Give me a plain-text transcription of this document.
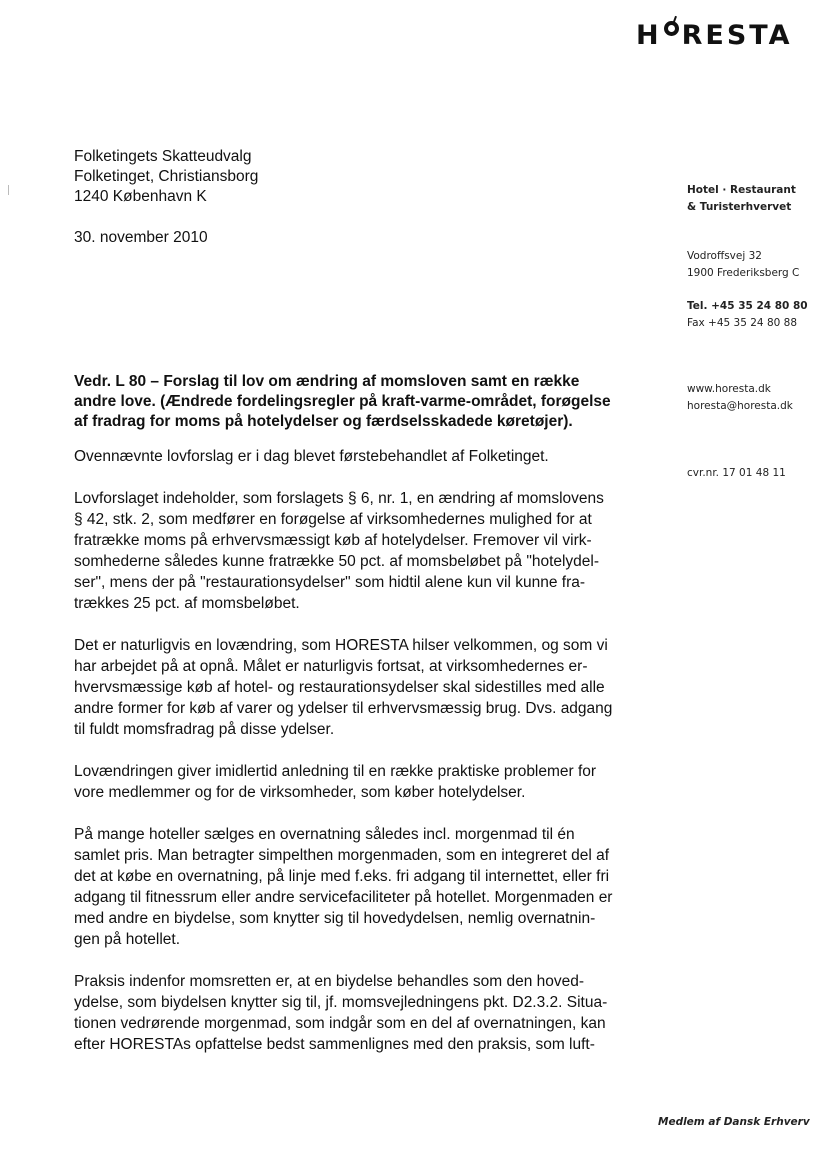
H RESTA
Folketingets Skatteudvalg
Folketinget, Christiansborg
1240 København K
30. november 2010
Hotel · Restaurant
& Turisterhvervet
Vodroffsvej 32
1900 Frederiksberg C
Tel. +45 35 24 80 80
Fax +45 35 24 80 88
www.horesta.dk
horesta@horesta.dk
cvr.nr. 17 01 48 11
Vedr. L 80 – Forslag til lov om ændring af momsloven samt en række
andre love. (Ændrede fordelingsregler på kraft-varme-området, forøgelse
af fradrag for moms på hotelydelser og færdselsskadede køretøjer).

Ovennævnte lovforslag er i dag blevet førstebehandlet af Folketinget.

Lovforslaget indeholder, som forslagets § 6, nr. 1, en ændring af momslovens
§ 42, stk. 2, som medfører en forøgelse af virksomhedernes mulighed for at
fratrække moms på erhvervsmæssigt køb af hotelydelser. Fremover vil virk-
somhederne således kunne fratrække 50 pct. af momsbeløbet på "hotelydel-
ser", mens der på "restaurationsydelser" som hidtil alene kun vil kunne fra-
trækkes 25 pct. af momsbeløbet.

Det er naturligvis en lovændring, som HORESTA hilser velkommen, og som vi
har arbejdet på at opnå. Målet er naturligvis fortsat, at virksomhedernes er-
hvervsmæssige køb af hotel- og restaurationsydelser skal sidestilles med alle
andre former for køb af varer og ydelser til erhvervsmæssig brug. Dvs. adgang
til fuldt momsfradrag på disse ydelser.

Lovændringen giver imidlertid anledning til en række praktiske problemer for
vore medlemmer og for de virksomheder, som køber hotelydelser.

På mange hoteller sælges en overnatning således incl. morgenmad til én
samlet pris. Man betragter simpelthen morgenmaden, som en integreret del af
det at købe en overnatning, på linje med f.eks. fri adgang til internettet, eller fri
adgang til fitnessrum eller andre servicefaciliteter på hotellet. Morgenmaden er
med andre en biydelse, som knytter sig til hovedydelsen, nemlig overnatnin-
gen på hotellet.

Praksis indenfor momsretten er, at en biydelse behandles som den hoved-
ydelse, som biydelsen knytter sig til, jf. momsvejledningens pkt. D2.3.2. Situa-
tionen vedrørende morgenmad, som indgår som en del af overnatningen, kan
efter HORESTAs opfattelse bedst sammenlignes med den praksis, som luft-

Medlem af Dansk Erhverv
